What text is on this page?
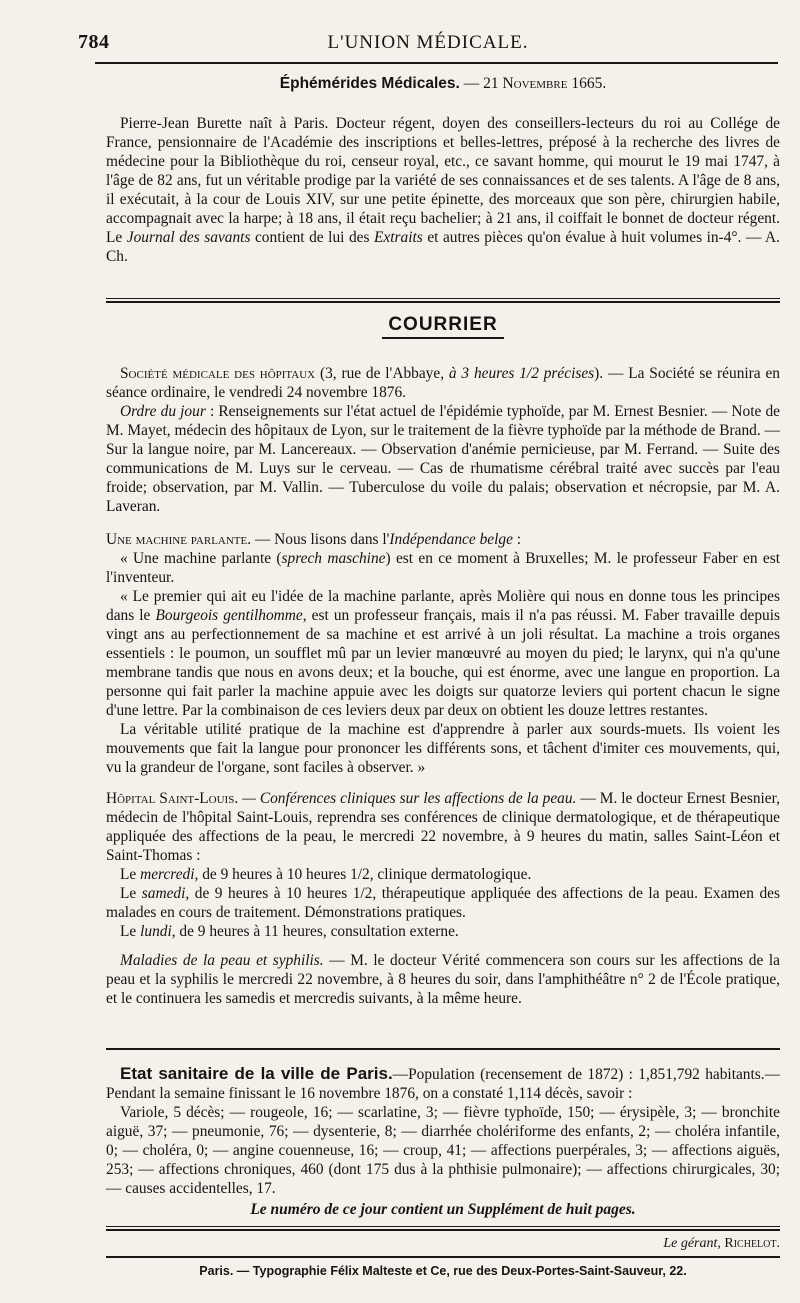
784	L'UNION MÉDICALE.
Éphémérides Médicales. — 21 Novembre 1665.

Pierre-Jean Burette naît à Paris. Docteur régent, doyen des conseillers-lecteurs du roi au Collége de France, pensionnaire de l'Académie des inscriptions et belles-lettres, préposé à la recherche des livres de médecine pour la Bibliothèque du roi, censeur royal, etc., ce savant homme, qui mourut le 19 mai 1747, à l'âge de 82 ans, fut un véritable prodige par la variété de ses connaissances et de ses talents. A l'âge de 8 ans, il exécutait, à la cour de Louis XIV, sur une petite épinette, des morceaux que son père, chirurgien habile, accompagnait avec la harpe; à 18 ans, il était reçu bachelier; à 21 ans, il coiffait le bonnet de docteur régent. Le Journal des savants contient de lui des Extraits et autres pièces qu'on évalue à huit volumes in-4°. — A. Ch.

COURRIER

Société médicale des hôpitaux (3, rue de l'Abbaye, à 3 heures 1/2 précises). — La Société se réunira en séance ordinaire, le vendredi 24 novembre 1876.

Ordre du jour : Renseignements sur l'état actuel de l'épidémie typhoïde, par M. Ernest Besnier. — Note de M. Mayet, médecin des hôpitaux de Lyon, sur le traitement de la fièvre typhoïde par la méthode de Brand. — Sur la langue noire, par M. Lancereaux. — Observation d'anémie pernicieuse, par M. Ferrand. — Suite des communications de M. Luys sur le cerveau. — Cas de rhumatisme cérébral traité avec succès par l'eau froide; observation, par M. Vallin. — Tuberculose du voile du palais; observation et nécropsie, par M. A. Laveran.

Une machine parlante. — Nous lisons dans l'Indépendance belge :

« Une machine parlante (sprech maschine) est en ce moment à Bruxelles; M. le professeur Faber en est l'inventeur.

« Le premier qui ait eu l'idée de la machine parlante, après Molière qui nous en donne tous les principes dans le Bourgeois gentilhomme, est un professeur français, mais il n'a pas réussi. M. Faber travaille depuis vingt ans au perfectionnement de sa machine et est arrivé à un joli résultat. La machine a trois organes essentiels : le poumon, un soufflet mû par un levier manœuvré au moyen du pied; le larynx, qui n'a qu'une membrane tandis que nous en avons deux; et la bouche, qui est énorme, avec une langue en proportion. La personne qui fait parler la machine appuie avec les doigts sur quatorze leviers qui portent chacun le signe d'une lettre. Par la combinaison de ces leviers deux par deux on obtient les douze lettres restantes.

La véritable utilité pratique de la machine est d'apprendre à parler aux sourds-muets. Ils voient les mouvements que fait la langue pour prononcer les différents sons, et tâchent d'imiter ces mouvements, qui, vu la grandeur de l'organe, sont faciles à observer. »

Hôpital Saint-Louis. — Conférences cliniques sur les affections de la peau. — M. le docteur Ernest Besnier, médecin de l'hôpital Saint-Louis, reprendra ses conférences de clinique dermatologique, et de thérapeutique appliquée des affections de la peau, le mercredi 22 novembre, à 9 heures du matin, salles Saint-Léon et Saint-Thomas :

Le mercredi, de 9 heures à 10 heures 1/2, clinique dermatologique.

Le samedi, de 9 heures à 10 heures 1/2, thérapeutique appliquée des affections de la peau. Examen des malades en cours de traitement. Démonstrations pratiques.

Le lundi, de 9 heures à 11 heures, consultation externe.

Maladies de la peau et syphilis. — M. le docteur Vérité commencera son cours sur les affections de la peau et la syphilis le mercredi 22 novembre, à 8 heures du soir, dans l'amphithéâtre n° 2 de l'École pratique, et le continuera les samedis et mercredis suivants, à la même heure.

Etat sanitaire de la ville de Paris.—Population (recensement de 1872) : 1,851,792 habitants.—Pendant la semaine finissant le 16 novembre 1876, on a constaté 1,114 décès, savoir :

Variole, 5 décès; — rougeole, 16; — scarlatine, 3; — fièvre typhoïde, 150; — érysipèle, 3; — bronchite aiguë, 37; — pneumonie, 76; — dysenterie, 8; — diarrhée cholériforme des enfants, 2; — choléra infantile, 0; — choléra, 0; — angine couenneuse, 16; — croup, 41; — affections puerpérales, 3; — affections aiguës, 253; — affections chroniques, 460 (dont 175 dus à la phthisie pulmonaire); — affections chirurgicales, 30; — causes accidentelles, 17.

Le numéro de ce jour contient un Supplément de huit pages.

Le gérant, Richelot.
Paris. — Typographie Félix Malteste et Ce, rue des Deux-Portes-Saint-Sauveur, 22.
